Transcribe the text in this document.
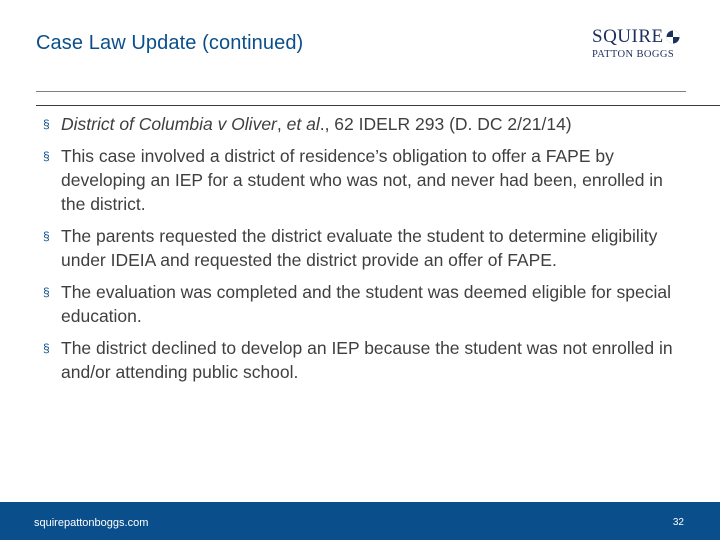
Case Law Update (continued)	SQUIRE
PATTON BOGGS
§ District of Columbia v Oliver, et al., 62 IDELR 293 (D. DC 2/21/14)
§ This case involved a district of residence’s obligation to offer a FAPE by developing an IEP for a student who was not, and never had been, enrolled in the district.
§ The parents requested the district evaluate the student to determine eligibility under IDEIA and requested the district provide an offer of FAPE.
§ The evaluation was completed and the student was deemed eligible for special education.
§ The district declined to develop an IEP because the student was not enrolled in and/or attending public school.
squirepattonboggs.com	32
